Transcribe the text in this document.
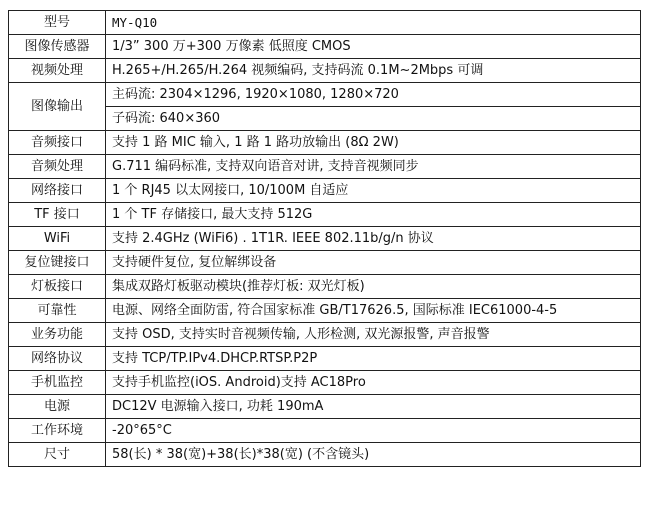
型号	MY-Q10
图像传感器	1/3” 300 万+300 万像素 低照度 CMOS
视频处理	H.265+/H.265/H.264 视频编码, 支持码流 0.1M~2Mbps 可调
图像输出	主码流: 2304×1296, 1920×1080, 1280×720
	子码流: 640×360
音频接口	支持 1 路 MIC 输入, 1 路 1 路功放输出 (8Ω 2W)
音频处理	G.711 编码标准, 支持双向语音对讲, 支持音视频同步
网络接口	1 个 RJ45 以太网接口, 10/100M 自适应
TF 接口	1 个 TF 存储接口, 最大支持 512G
WiFi	支持 2.4GHz (WiFi6) . 1T1R. IEEE 802.11b/g/n 协议
复位键接口	支持硬件复位, 复位解绑设备
灯板接口	集成双路灯板驱动模块(推荐灯板: 双光灯板)
可靠性	电源、网络全面防雷, 符合国家标准 GB/T17626.5, 国际标准 IEC61000-4-5
业务功能	支持 OSD, 支持实时音视频传输, 人形检测, 双光源报警, 声音报警
网络协议	支持 TCP/TP.IPv4.DHCP.RTSP.P2P
手机监控	支持手机监控(iOS. Android)支持 AC18Pro
电源	DC12V 电源输入接口, 功耗 190mA
工作环境	-20°65°C
尺寸	58(长) * 38(宽)+38(长)*38(宽) (不含镜头)
